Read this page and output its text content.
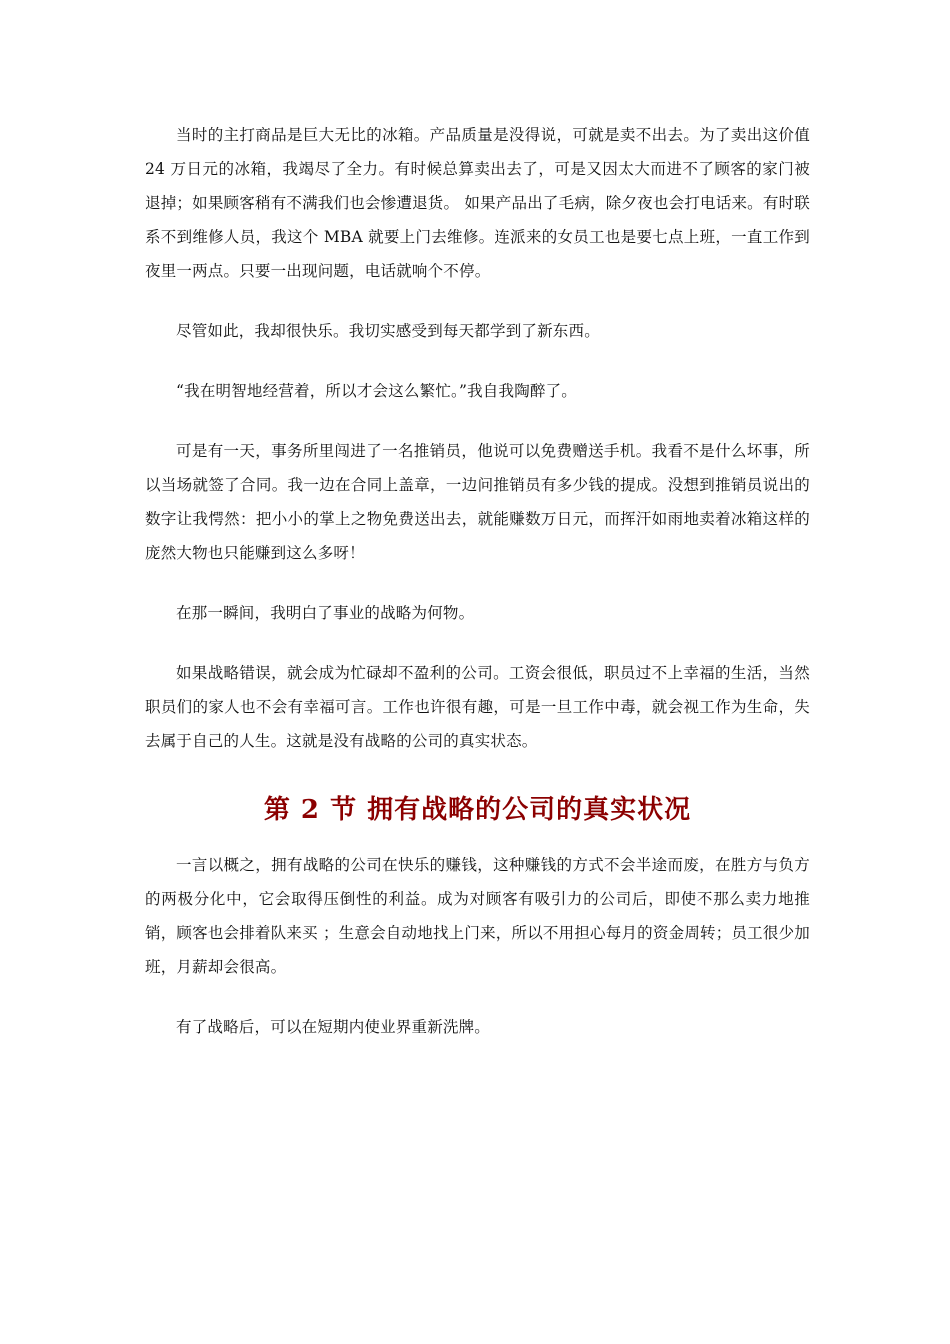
当时的主打商品是巨大无比的冰箱。产品质量是没得说，可就是卖不出去。为了卖出这价值 24 万日元的冰箱，我竭尽了全力。有时候总算卖出去了，可是又因太大而进不了顾客的家门被退掉；如果顾客稍有不满我们也会惨遭退货。 如果产品出了毛病，除夕夜也会打电话来。有时联系不到维修人员，我这个 MBA 就要上门去维修。连派来的女员工也是要七点上班，一直工作到夜里一两点。只要一出现问题，电话就响个不停。

尽管如此，我却很快乐。我切实感受到每天都学到了新东西。

“我在明智地经营着，所以才会这么繁忙。”我自我陶醉了。

可是有一天，事务所里闯进了一名推销员，他说可以免费赠送手机。我看不是什么坏事，所以当场就签了合同。我一边在合同上盖章，一边问推销员有多少钱的提成。没想到推销员说出的数字让我愕然：把小小的掌上之物免费送出去，就能赚数万日元，而挥汗如雨地卖着冰箱这样的庞然大物也只能赚到这么多呀！

在那一瞬间，我明白了事业的战略为何物。

如果战略错误，就会成为忙碌却不盈利的公司。工资会很低，职员过不上幸福的生活，当然职员们的家人也不会有幸福可言。工作也许很有趣，可是一旦工作中毒，就会视工作为生命，失去属于自己的人生。这就是没有战略的公司的真实状态。

第 2 节 拥有战略的公司的真实状况

一言以概之，拥有战略的公司在快乐的赚钱，这种赚钱的方式不会半途而废，在胜方与负方的两极分化中，它会取得压倒性的利益。成为对顾客有吸引力的公司后，即使不那么卖力地推销，顾客也会排着队来买 ；生意会自动地找上门来，所以不用担心每月的资金周转；员工很少加班，月薪却会很高。

有了战略后，可以在短期内使业界重新洗牌。
